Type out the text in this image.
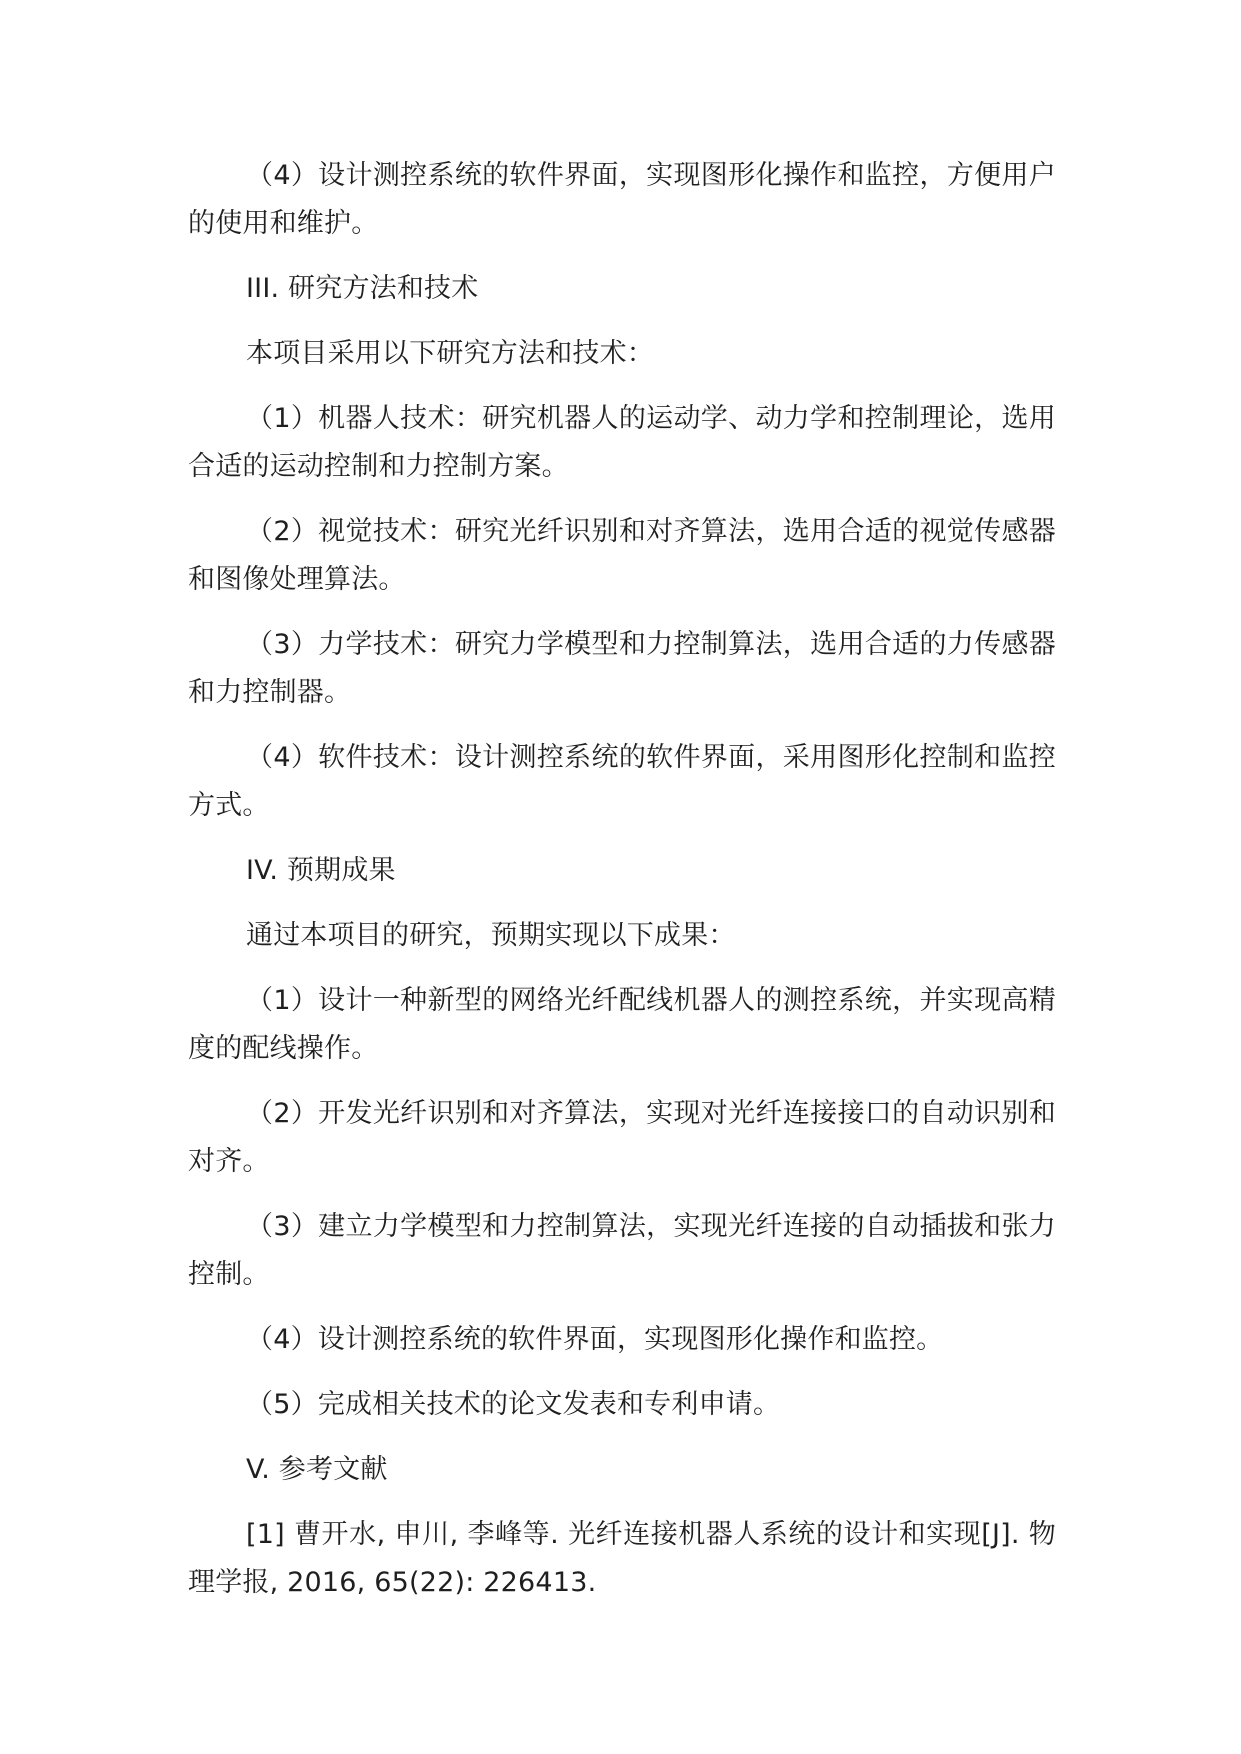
（4）设计测控系统的软件界面，实现图形化操作和监控，方便用户的使用和维护。

III. 研究方法和技术

本项目采用以下研究方法和技术：

（1）机器人技术：研究机器人的运动学、动力学和控制理论，选用合适的运动控制和力控制方案。

（2）视觉技术：研究光纤识别和对齐算法，选用合适的视觉传感器和图像处理算法。

（3）力学技术：研究力学模型和力控制算法，选用合适的力传感器和力控制器。

（4）软件技术：设计测控系统的软件界面，采用图形化控制和监控方式。

IV. 预期成果

通过本项目的研究，预期实现以下成果：

（1）设计一种新型的网络光纤配线机器人的测控系统，并实现高精度的配线操作。

（2）开发光纤识别和对齐算法，实现对光纤连接接口的自动识别和对齐。

（3）建立力学模型和力控制算法，实现光纤连接的自动插拔和张力控制。

（4）设计测控系统的软件界面，实现图形化操作和监控。

（5）完成相关技术的论文发表和专利申请。

V. 参考文献

[1] 曹开水, 申川, 李峰等. 光纤连接机器人系统的设计和实现[J]. 物理学报, 2016, 65(22): 226413.
